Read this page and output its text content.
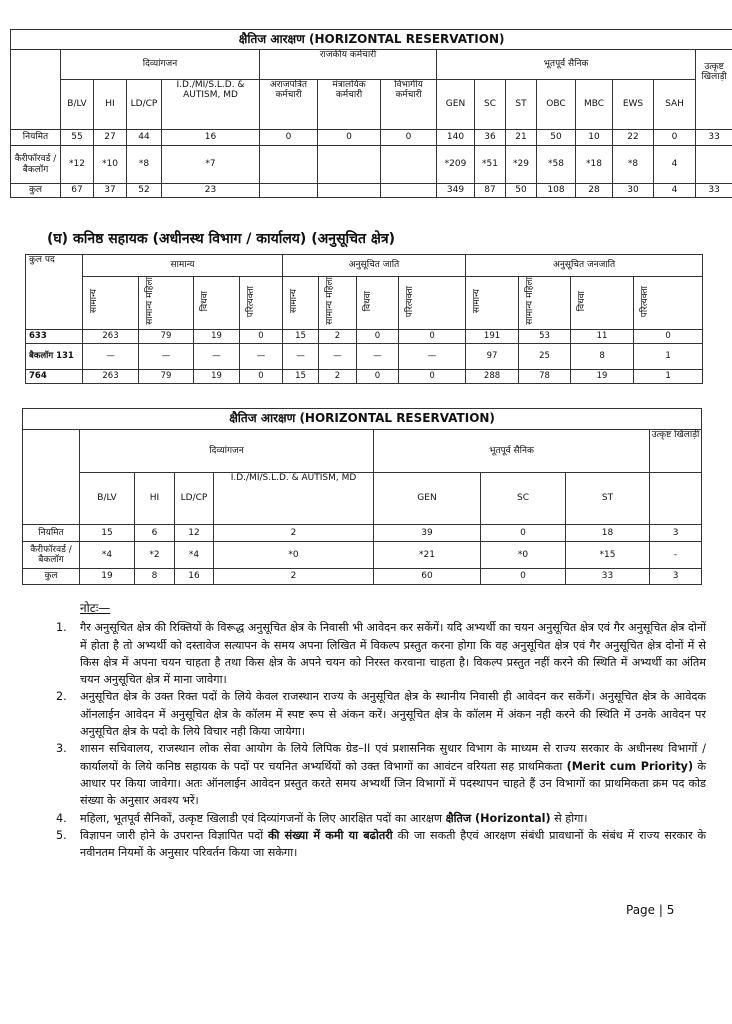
क्षैतिज आरक्षण (HORIZONTAL RESERVATION)															
	दिव्यांगजन				राजकीय कर्मचारी			भूतपूर्व सैनिक							उत्कृष्ट खिलाड़ी
	B/LV	HI	LD/CP	I.D./MI/S.L.D. & AUTISM, MD	अराजपत्रित कर्मचारी	मंत्रालयिक कर्मचारी	विभागीय कर्मचारी	GEN	SC	ST	OBC	MBC	EWS	SAH	
नियमित	55	27	44	16	0	0	0	140	36	21	50	10	22	0	33
कैरीफॉरवर्ड / बैकलॉग	*12	*10	*8	*7				*209	*51	*29	*58	*18	*8	4	
कुल	67	37	52	23				349	87	50	108	28	30	4	33
(घ) कनिष्ठ सहायक (अधीनस्थ विभाग / कार्यालय) (अनुसूचित क्षेत्र)
कुल पद	सामान्य				अनुसूचित जाति				अनुसूचित जनजाति			
	सामान्य	सामान्य महिला	विधवा	परित्यक्ता	सामान्य	सामान्य महिला	विधवा	परित्यक्ता	सामान्य	सामान्य महिला	विधवा	परित्यक्ता
633	263	79	19	0	15	2	0	0	191	53	11	0
बैकलॉग 131	—	—	—	—	—	—	—	—	97	25	8	1
764	263	79	19	0	15	2	0	0	288	78	19	1
क्षैतिज आरक्षण (HORIZONTAL RESERVATION)								
	दिव्यांगजन				भूतपूर्व सैनिक			उत्कृष्ट खिलाड़ी
	B/LV	HI	LD/CP	I.D./MI/S.L.D. & AUTISM, MD	GEN	SC	ST	
नियमित	15	6	12	2	39	0	18	3
कैरीफॉरवर्ड / बैकलॉग	*4	*2	*4	*0	*21	*0	*15	-
कुल	19	8	16	2	60	0	33	3
नोटः—
1. गैर अनुसूचित क्षेत्र की रिक्तियों के विरूद्ध अनुसूचित क्षेत्र के निवासी भी आवेदन कर सकेंगें। यदि अभ्यर्थी का चयन अनुसूचित क्षेत्र एवं गैर अनुसूचित क्षेत्र दोनों में होता है तो अभ्यर्थी को दस्तावेज सत्यापन के समय अपना लिखित में विकल्प प्रस्तुत करना होगा कि वह अनुसूचित क्षेत्र एवं गैर अनुसूचित क्षेत्र दोनों में से किस क्षेत्र में अपना चयन चाहता है तथा किस क्षेत्र के अपने चयन को निरस्त करवाना चाहता है। विकल्प प्रस्तुत नहीं करने की स्थिति में अभ्यर्थी का अंतिम चयन अनुसूचित क्षेत्र में माना जावेगा।
2. अनुसूचित क्षेत्र के उक्त रिक्त पदों के लिये केवल राजस्थान राज्य के अनुसूचित क्षेत्र के स्थानीय निवासी ही आवेदन कर सकेंगें। अनुसूचित क्षेत्र के आवेदक ऑनलाईन आवेदन में अनुसूचित क्षेत्र के कॉलम में स्पष्ट रूप से अंकन करें। अनुसूचित क्षेत्र के कॉलम में अंकन नही करने की स्थिति में उनके आवेदन पर अनुसूचित क्षेत्र के पदो के लिये विचार नही किया जायेगा।
3. शासन सचिवालय, राजस्थान लोक सेवा आयोग के लिये लिपिक ग्रेड–II एवं प्रशासनिक सुधार विभाग के माध्यम से राज्य सरकार के अधीनस्थ विभागों / कार्यालयों के लिये कनिष्ठ सहायक के पदों पर चयनित अभ्यर्थियों को उक्त विभागों का आवंटन वरियता सह प्राथमिकता (Merit cum Priority) के आधार पर किया जावेगा। अतः ऑनलाईन आवेदन प्रस्तुत करते समय अभ्यर्थी जिन विभागों में पदस्थापन चाहते हैं उन विभागों का प्राथमिकता क्रम पद कोड संख्या के अनुसार अवश्य भरें।
4. महिला, भूतपूर्व सैनिकों, उत्कृष्ट खिलाडी एवं दिव्यांगजनों के लिए आरक्षित पदों का आरक्षण क्षैतिज (Horizontal) से होगा।
5. विज्ञापन जारी होने के उपरान्त विज्ञापित पदों की संख्या में कमी या बढोतरी की जा सकती हैएवं आरक्षण संबंधी प्रावधानों के संबंध में राज्य सरकार के नवीनतम नियमों के अनुसार परिवर्तन किया जा सकेगा।
Page | 5
